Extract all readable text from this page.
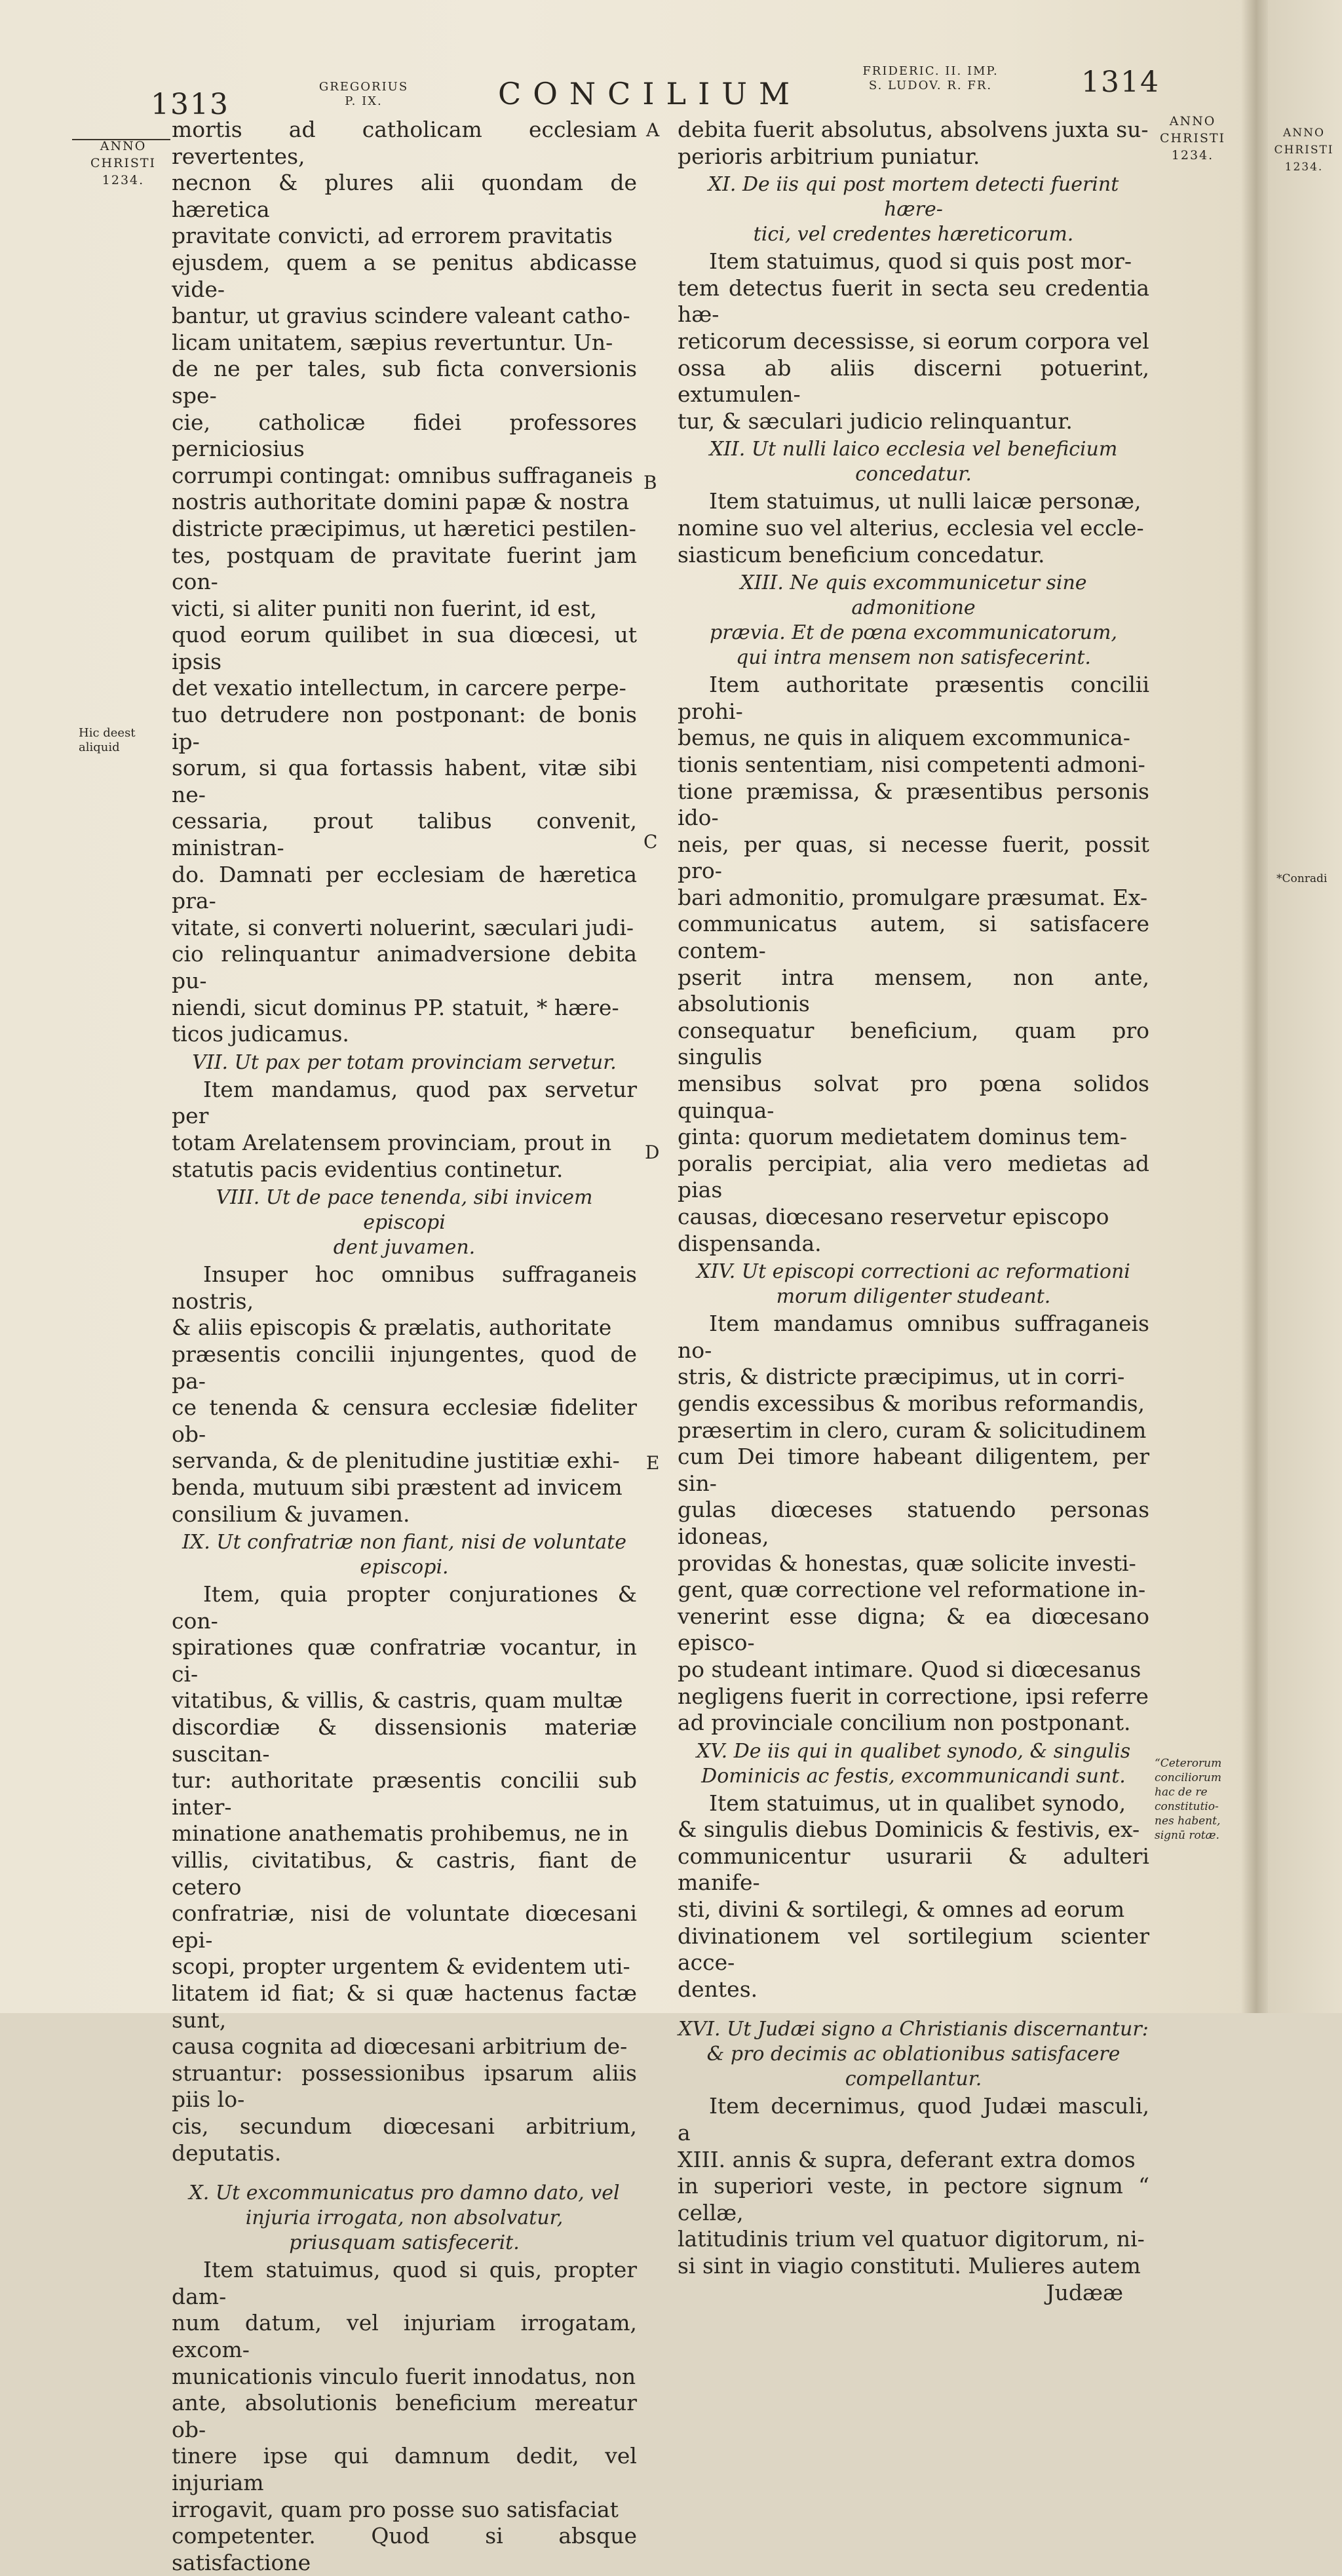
1313
GREGORIUS
P. IX.	CONCILIUM
FRIDERIC. II. IMP.
S. LUDOV. R. FR.	1314
ANNO
CHRISTI
1234.
Hic deest
aliquid
ANNO
CHRISTI
1234.
“Ceterorum
conciliorum
hac de re
constitutio-
nes habent,
signū rotæ.
ANNO
CHRISTI
1234.
*Conradi
A
B
C
D
E

mortis ad catholicam ecclesiam revertentes,

necnon & plures alii quondam de hæretica

pravitate convicti, ad errorem pravitatis

ejusdem, quem a se penitus abdicasse vide-

bantur, ut gravius scindere valeant catho-

licam unitatem, sæpius revertuntur. Un-

de ne per tales, sub ficta conversionis spe-

cie, catholicæ fidei professores perniciosius

corrumpi contingat: omnibus suffraganeis

nostris authoritate domini papæ & nostra

districte præcipimus, ut hæretici pestilen-

tes, postquam de pravitate fuerint jam con-

victi, si aliter puniti non fuerint, id est,

quod eorum quilibet in sua diœcesi, ut ipsis

det vexatio intellectum, in carcere perpe-

tuo detrudere non postponant: de bonis ip-

sorum, si qua fortassis habent, vitæ sibi ne-

cessaria, prout talibus convenit, ministran-

do. Damnati per ecclesiam de hæretica pra-

vitate, si converti noluerint, sæculari judi-

cio relinquantur animadversione debita pu-

niendi, sicut dominus PP. statuit, * hære-

ticos judicamus.

VII. Ut pax per totam provinciam servetur.

Item mandamus, quod pax servetur per

totam Arelatensem provinciam, prout in

statutis pacis evidentius continetur.

VIII. Ut de pace tenenda, sibi invicem episcopi
dent juvamen.

Insuper hoc omnibus suffraganeis nostris,

& aliis episcopis & prælatis, authoritate

præsentis concilii injungentes, quod de pa-

ce tenenda & censura ecclesiæ fideliter ob-

servanda, & de plenitudine justitiæ exhi-

benda, mutuum sibi præstent ad invicem

consilium & juvamen.

IX. Ut confratriæ non fiant, nisi de voluntate
episcopi.

Item, quia propter conjurationes & con-

spirationes quæ confratriæ vocantur, in ci-

vitatibus, & villis, & castris, quam multæ

discordiæ & dissensionis materiæ suscitan-

tur: authoritate præsentis concilii sub inter-

minatione anathematis prohibemus, ne in

villis, civitatibus, & castris, fiant de cetero

confratriæ, nisi de voluntate diœcesani epi-

scopi, propter urgentem & evidentem uti-

litatem id fiat; & si quæ hactenus factæ sunt,

causa cognita ad diœcesani arbitrium de-

struantur: possessionibus ipsarum aliis piis lo-

cis, secundum diœcesani arbitrium, deputatis.

X. Ut excommunicatus pro damno dato, vel
injuria irrogata, non absolvatur,
priusquam satisfecerit.

Item statuimus, quod si quis, propter dam-

num datum, vel injuriam irrogatam, excom-

municationis vinculo fuerit innodatus, non

ante, absolutionis beneficium mereatur ob-

tinere ipse qui damnum dedit, vel injuriam

irrogavit, quam pro posse suo satisfaciat

competenter. Quod si absque satisfactione

debita fuerit absolutus, absolvens juxta su-

perioris arbitrium puniatur.

XI. De iis qui post mortem detecti fuerint hære-
tici, vel credentes hæreticorum.

Item statuimus, quod si quis post mor-

tem detectus fuerit in secta seu credentia hæ-

reticorum decessisse, si eorum corpora vel

ossa ab aliis discerni potuerint, extumulen-

tur, & sæculari judicio relinquantur.

XII. Ut nulli laico ecclesia vel beneficium
concedatur.

Item statuimus, ut nulli laicæ personæ,

nomine suo vel alterius, ecclesia vel eccle-

siasticum beneficium concedatur.

XIII. Ne quis excommunicetur sine admonitione
prævia. Et de pœna excommunicatorum,
qui intra mensem non satisfecerint.

Item authoritate præsentis concilii prohi-

bemus, ne quis in aliquem excommunica-

tionis sententiam, nisi competenti admoni-

tione præmissa, & præsentibus personis ido-

neis, per quas, si necesse fuerit, possit pro-

bari admonitio, promulgare præsumat. Ex-

communicatus autem, si satisfacere contem-

pserit intra mensem, non ante, absolutionis

consequatur beneficium, quam pro singulis

mensibus solvat pro pœna solidos quinqua-

ginta: quorum medietatem dominus tem-

poralis percipiat, alia vero medietas ad pias

causas, diœcesano reservetur episcopo

dispensanda.

XIV. Ut episcopi correctioni ac reformationi
morum diligenter studeant.

Item mandamus omnibus suffraganeis no-

stris, & districte præcipimus, ut in corri-

gendis excessibus & moribus reformandis,

præsertim in clero, curam & solicitudinem

cum Dei timore habeant diligentem, per sin-

gulas diœceses statuendo personas idoneas,

providas & honestas, quæ solicite investi-

gent, quæ correctione vel reformatione in-

venerint esse digna; & ea diœcesano episco-

po studeant intimare. Quod si diœcesanus

negligens fuerit in correctione, ipsi referre

ad provinciale concilium non postponant.

XV. De iis qui in qualibet synodo, & singulis
Dominicis ac festis, excommunicandi sunt.

Item statuimus, ut in qualibet synodo,

& singulis diebus Dominicis & festivis, ex-

communicentur usurarii & adulteri manife-

sti, divini & sortilegi, & omnes ad eorum

divinationem vel sortilegium scienter acce-

dentes.

XVI. Ut Judæi signo a Christianis discernantur:
& pro decimis ac oblationibus satisfacere
compellantur.

Item decernimus, quod Judæi masculi, a

XIII. annis & supra, deferant extra domos

in superiori veste, in pectore signum “ cellæ,

latitudinis trium vel quatuor digitorum, ni-

si sint in viagio constituti. Mulieres autem

Judææ
